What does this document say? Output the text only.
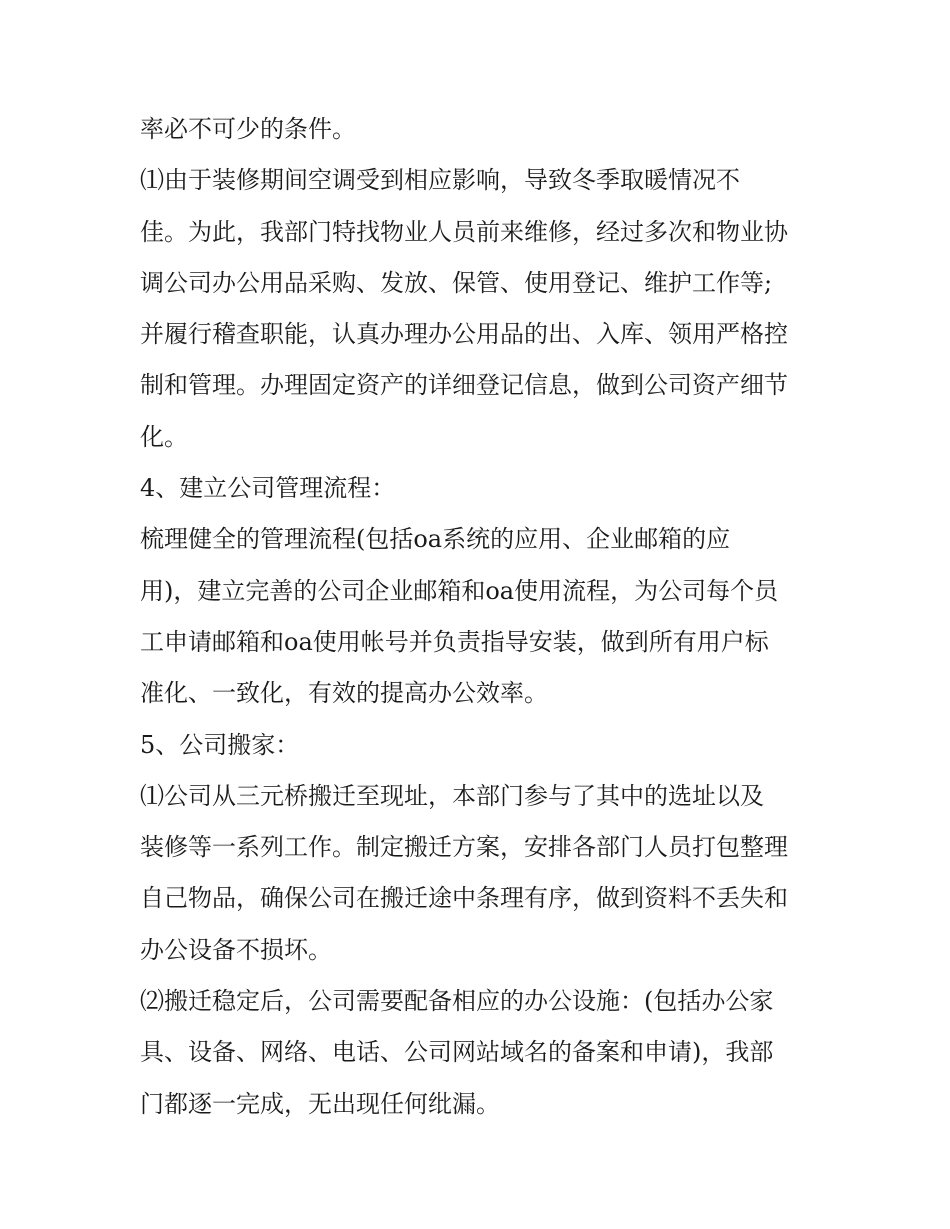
率必不可少的条件。
⑴由于装修期间空调受到相应影响，导致冬季取暖情况不
佳。为此，我部门特找物业人员前来维修，经过多次和物业协
调公司办公用品采购、发放、保管、使用登记、维护工作等;
并履行稽查职能，认真办理办公用品的出、入库、领用严格控
制和管理。办理固定资产的详细登记信息，做到公司资产细节
化。
4、建立公司管理流程：
梳理健全的管理流程(包括oa系统的应用、企业邮箱的应
用)，建立完善的公司企业邮箱和oa使用流程，为公司每个员
工申请邮箱和oa使用帐号并负责指导安装，做到所有用户标
准化、一致化，有效的提高办公效率。
5、公司搬家：
⑴公司从三元桥搬迁至现址，本部门参与了其中的选址以及
装修等一系列工作。制定搬迁方案，安排各部门人员打包整理
自己物品，确保公司在搬迁途中条理有序，做到资料不丢失和
办公设备不损坏。
⑵搬迁稳定后，公司需要配备相应的办公设施：(包括办公家
具、设备、网络、电话、公司网站域名的备案和申请)，我部
门都逐一完成，无出现任何纰漏。
